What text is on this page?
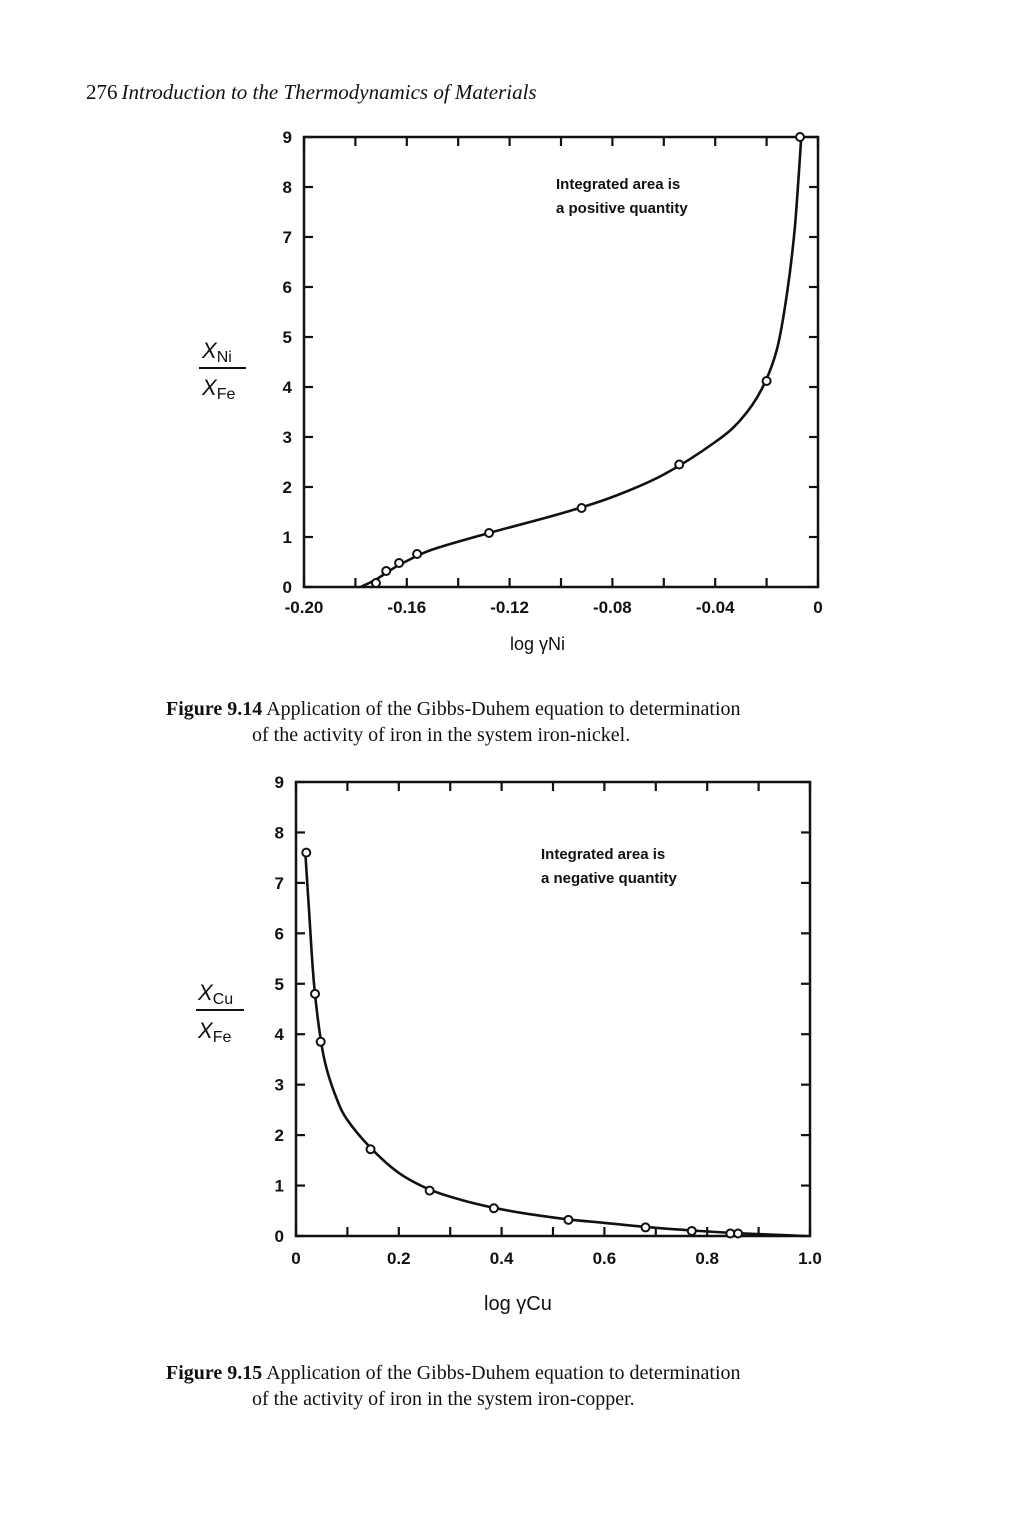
276 Introduction to the Thermodynamics of Materials
0
1
2
3
4
5
6
7
8
9
-0.20	-0.16	-0.12	-0.08	-0.04	0
Integrated area is
a positive quantity
log γNi
XNi
XFe
Figure 9.14 Application of the Gibbs-Duhem equation to determination
of the activity of iron in the system iron-nickel.
0
1
2
3
4
5
6
7
8
9
0	0.2	0.4	0.6	0.8	1.0
Integrated area is
a negative quantity
log γCu
XCu
XFe
Figure 9.15 Application of the Gibbs-Duhem equation to determination
of the activity of iron in the system iron-copper.
